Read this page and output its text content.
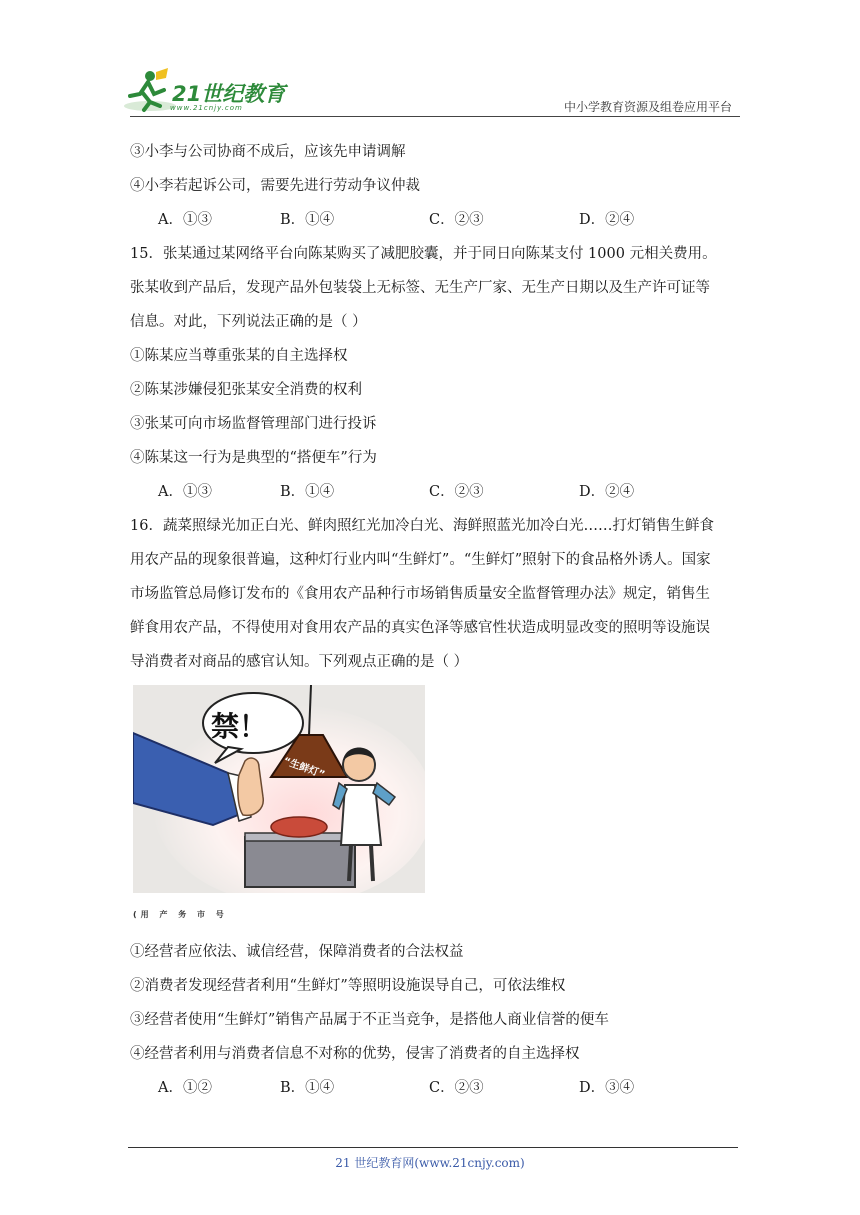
21世纪教育
www.21cnjy.com	中小学教育资源及组卷应用平台
③小李与公司协商不成后，应该先申请调解
④小李若起诉公司，需要先进行劳动争议仲裁
A．①③	B．①④	C．②③	D．②④
15．张某通过某网络平台向陈某购买了减肥胶囊，并于同日向陈某支付 1000 元相关费用。
张某收到产品后，发现产品外包装袋上无标签、无生产厂家、无生产日期以及生产许可证等
信息。对此，下列说法正确的是（ ）
①陈某应当尊重张某的自主选择权
②陈某涉嫌侵犯张某安全消费的权利
③张某可向市场监督管理部门进行投诉
④陈某这一行为是典型的“搭便车”行为
A．①③	B．①④	C．②③	D．②④
16．蔬菜照绿光加正白光、鲜肉照红光加冷白光、海鲜照蓝光加冷白光……打灯销售生鲜食
用农产品的现象很普遍，这种灯行业内叫“生鲜灯”。“生鲜灯”照射下的食品格外诱人。国家
市场监管总局修订发布的《食用农产品种行市场销售质量安全监督管理办法》规定，销售生
鲜食用农产品，不得使用对食用农产品的真实色泽等感官性状造成明显改变的照明等设施误
导消费者对商品的感官认知。下列观点正确的是（ ）
禁！
“生鲜灯”
(用 产 务 市 号
①经营者应依法、诚信经营，保障消费者的合法权益
②消费者发现经营者利用“生鲜灯”等照明设施误导自己，可依法维权
③经营者使用“生鲜灯”销售产品属于不正当竞争，是搭他人商业信誉的便车
④经营者利用与消费者信息不对称的优势，侵害了消费者的自主选择权
A．①②	B．①④	C．②③	D．③④
21 世纪教育网(www.21cnjy.com)
